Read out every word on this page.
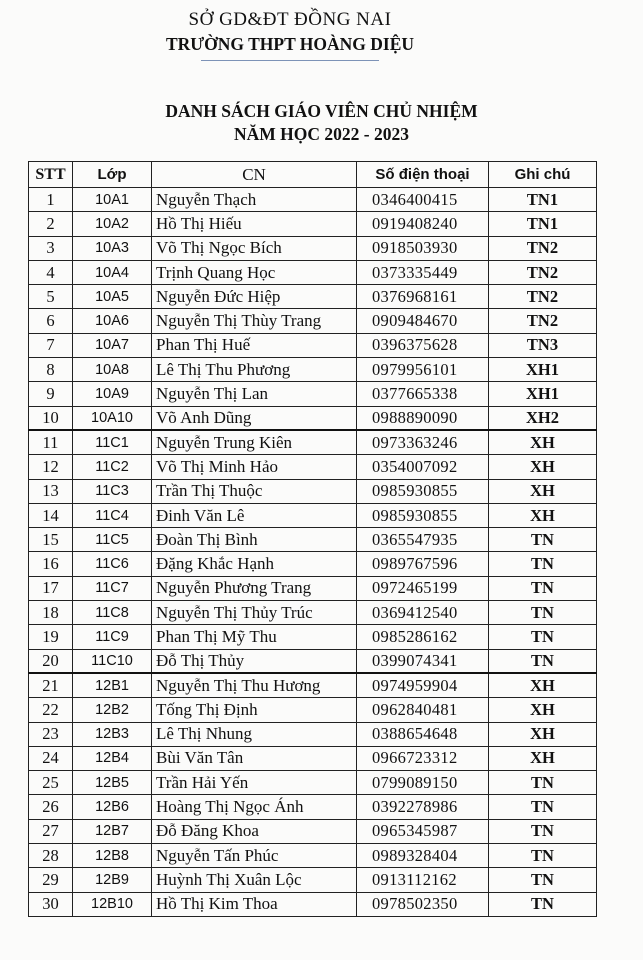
SỞ GD&ĐT ĐỒNG NAI
TRƯỜNG THPT HOÀNG DIỆU
DANH SÁCH GIÁO VIÊN CHỦ NHIỆM
NĂM HỌC 2022 - 2023
STT	Lớp	CN	Số điện thoại	Ghi chú
1	10A1	Nguyễn Thạch	0346400415	TN1
2	10A2	Hồ Thị Hiếu	0919408240	TN1
3	10A3	Võ Thị Ngọc Bích	0918503930	TN2
4	10A4	Trịnh Quang Học	0373335449	TN2
5	10A5	Nguyễn Đức Hiệp	0376968161	TN2
6	10A6	Nguyễn Thị Thùy Trang	0909484670	TN2
7	10A7	Phan Thị Huế	0396375628	TN3
8	10A8	Lê Thị Thu Phương	0979956101	XH1
9	10A9	Nguyễn Thị Lan	0377665338	XH1
10	10A10	Võ Anh Dũng	0988890090	XH2
11	11C1	Nguyễn Trung Kiên	0973363246	XH
12	11C2	Võ Thị Minh Hảo	0354007092	XH
13	11C3	Trần Thị Thuộc	0985930855	XH
14	11C4	Đinh Văn Lê	0985930855	XH
15	11C5	Đoàn Thị Bình	0365547935	TN
16	11C6	Đặng Khắc Hạnh	0989767596	TN
17	11C7	Nguyễn Phương Trang	0972465199	TN
18	11C8	Nguyễn Thị Thủy Trúc	0369412540	TN
19	11C9	Phan Thị Mỹ Thu	0985286162	TN
20	11C10	Đỗ Thị Thủy	0399074341	TN
21	12B1	Nguyễn Thị Thu Hương	0974959904	XH
22	12B2	Tống Thị Định	0962840481	XH
23	12B3	Lê Thị Nhung	0388654648	XH
24	12B4	Bùi Văn Tân	0966723312	XH
25	12B5	Trần Hải Yến	0799089150	TN
26	12B6	Hoàng Thị Ngọc Ánh	0392278986	TN
27	12B7	Đỗ Đăng Khoa	0965345987	TN
28	12B8	Nguyễn Tấn Phúc	0989328404	TN
29	12B9	Huỳnh Thị Xuân Lộc	0913112162	TN
30	12B10	Hồ Thị Kim Thoa	0978502350	TN
